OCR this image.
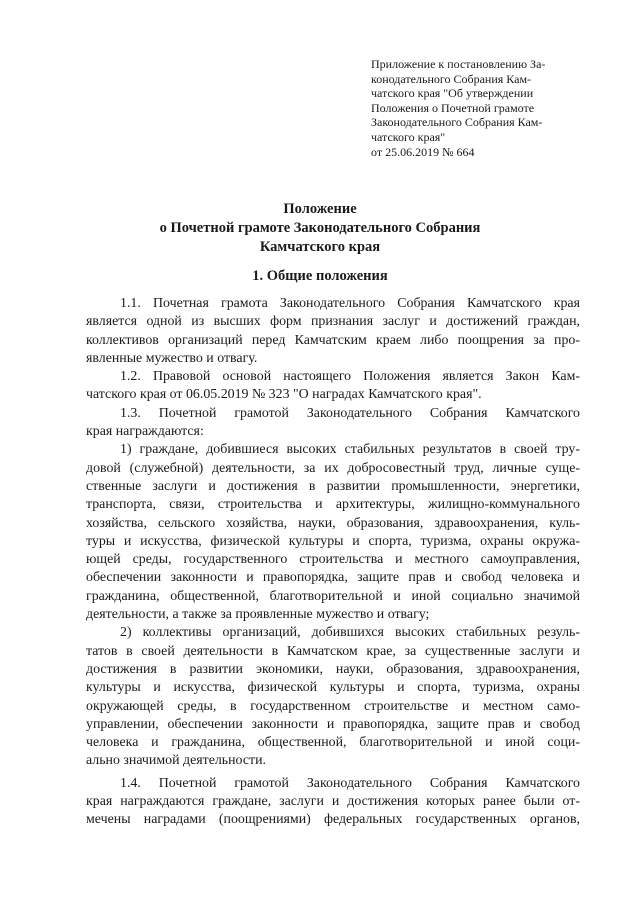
Приложение к постановлению За-
конодательного Собрания Кам-
чатского края "Об утверждении
Положения о Почетной грамоте
Законодательного Собрания Кам-
чатского края"
от 25.06.2019 № 664
Положение
о Почетной грамоте Законодательного Собрания
Камчатского края
1. Общие положения
1.1. Почетная грамота Законодательного Собрания Камчатского края
является одной из высших форм признания заслуг и достижений граждан,
коллективов организаций перед Камчатским краем либо поощрения за про-
явленные мужество и отвагу.
1.2. Правовой основой настоящего Положения является Закон Кам-
чатского края от 06.05.2019 № 323 "О наградах Камчатского края".
1.3. Почетной грамотой Законодательного Собрания Камчатского
края награждаются:
1) граждане, добившиеся высоких стабильных результатов в своей тру-
довой (служебной) деятельности, за их добросовестный труд, личные суще-
ственные заслуги и достижения в развитии промышленности, энергетики,
транспорта, связи, строительства и архитектуры, жилищно-коммунального
хозяйства, сельского хозяйства, науки, образования, здравоохранения, куль-
туры и искусства, физической культуры и спорта, туризма, охраны окружа-
ющей среды, государственного строительства и местного самоуправления,
обеспечении законности и правопорядка, защите прав и свобод человека и
гражданина, общественной, благотворительной и иной социально значимой
деятельности, а также за проявленные мужество и отвагу;
2) коллективы организаций, добившихся высоких стабильных резуль-
татов в своей деятельности в Камчатском крае, за существенные заслуги и
достижения в развитии экономики, науки, образования, здравоохранения,
культуры и искусства, физической культуры и спорта, туризма, охраны
окружающей среды, в государственном строительстве и местном само-
управлении, обеспечении законности и правопорядка, защите прав и свобод
человека и гражданина, общественной, благотворительной и иной соци-
ально значимой деятельности.
1.4. Почетной грамотой Законодательного Собрания Камчатского
края награждаются граждане, заслуги и достижения которых ранее были от-
мечены наградами (поощрениями) федеральных государственных органов,
